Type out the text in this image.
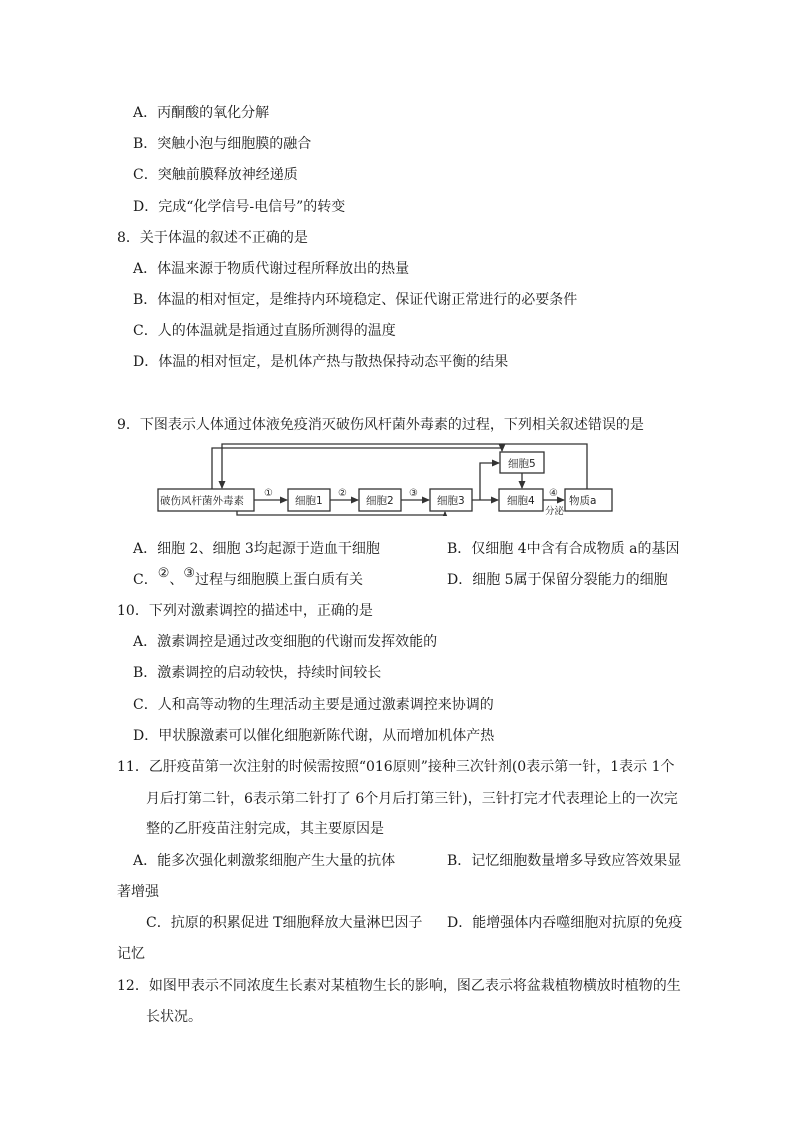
A．丙酮酸的氧化分解
B．突触小泡与细胞膜的融合
C．突触前膜释放神经递质
D．完成“化学信号-电信号”的转变
8．关于体温的叙述不正确的是
A．体温来源于物质代谢过程所释放出的热量
B．体温的相对恒定，是维持内环境稳定、保证代谢正常进行的必要条件
C．人的体温就是指通过直肠所测得的温度
D．体温的相对恒定，是机体产热与散热保持动态平衡的结果
9．下图表示人体通过体液免疫消灭破伤风杆菌外毒素的过程，下列相关叙述错误的是
破伤风杆菌外毒素	细胞1	细胞2	细胞3	细胞4
细胞5
物质a
①	②	③	④
分泌
A．细胞 2、细胞 3均起源于造血干细胞	B．仅细胞 4中含有合成物质 a的基因
C．②、③过程与细胞膜上蛋白质有关	D．细胞 5属于保留分裂能力的细胞
10．下列对激素调控的描述中，正确的是
A．激素调控是通过改变细胞的代谢而发挥效能的
B．激素调控的启动较快，持续时间较长
C．人和高等动物的生理活动主要是通过激素调控来协调的
D．甲状腺激素可以催化细胞新陈代谢，从而增加机体产热
11．乙肝疫苗第一次注射的时候需按照“016原则”接种三次针剂(0表示第一针，1表示 1个
月后打第二针，6表示第二针打了 6个月后打第三针)，三针打完才代表理论上的一次完
整的乙肝疫苗注射完成，其主要原因是
A．能多次强化刺激浆细胞产生大量的抗体	B．记忆细胞数量增多导致应答效果显
著增强
C．抗原的积累促进 T细胞释放大量淋巴因子 D．能增强体内吞噬细胞对抗原的免疫
记忆
12．如图甲表示不同浓度生长素对某植物生长的影响，图乙表示将盆栽植物横放时植物的生
长状况。
